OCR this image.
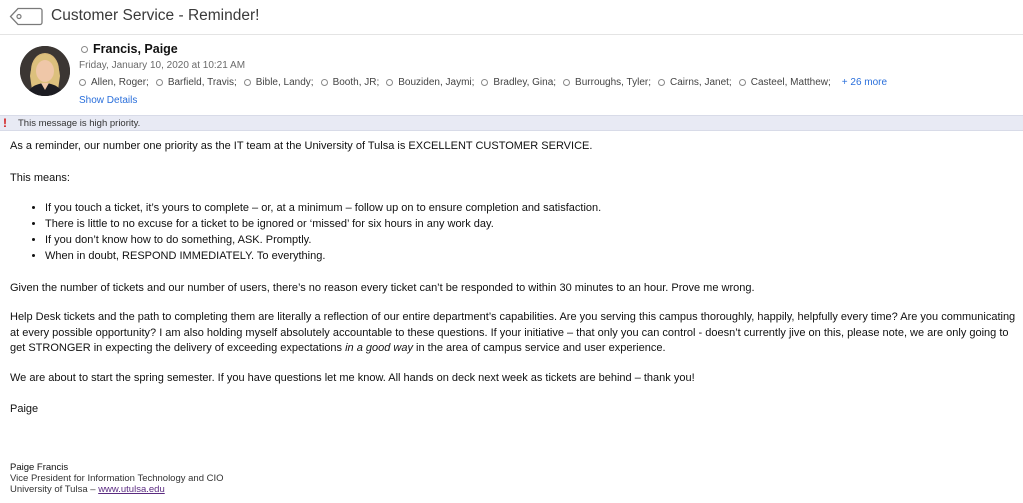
Customer Service - Reminder!
Francis, Paige
Friday, January 10, 2020 at 10:21 AM
Allen, Roger; Barfield, Travis; Bible, Landy; Booth, JR; Bouziden, Jaymi; Bradley, Gina; Burroughs, Tyler; Cairns, Janet; Casteel, Matthew; + 26 more
Show Details
! This message is high priority.
As a reminder, our number one priority as the IT team at the University of Tulsa is EXCELLENT CUSTOMER SERVICE.
This means:
• If you touch a ticket, it’s yours to complete – or, at a minimum – follow up on to ensure completion and satisfaction.
• There is little to no excuse for a ticket to be ignored or ‘missed’ for six hours in any work day.
• If you don’t know how to do something, ASK. Promptly.
• When in doubt, RESPOND IMMEDIATELY. To everything.
Given the number of tickets and our number of users, there’s no reason every ticket can’t be responded to within 30 minutes to an hour. Prove me wrong.
Help Desk tickets and the path to completing them are literally a reflection of our entire department’s capabilities. Are you serving this campus thoroughly, happily, helpfully every time? Are you communicating at every possible opportunity? I am also holding myself absolutely accountable to these questions. If your initiative – that only you can control - doesn’t currently jive on this, please note, we are only going to get STRONGER in expecting the delivery of exceeding expectations in a good way in the area of campus service and user experience.
We are about to start the spring semester. If you have questions let me know. All hands on deck next week as tickets are behind – thank you!
Paige
Paige Francis
Vice President for Information Technology and CIO
University of Tulsa – www.utulsa.edu
